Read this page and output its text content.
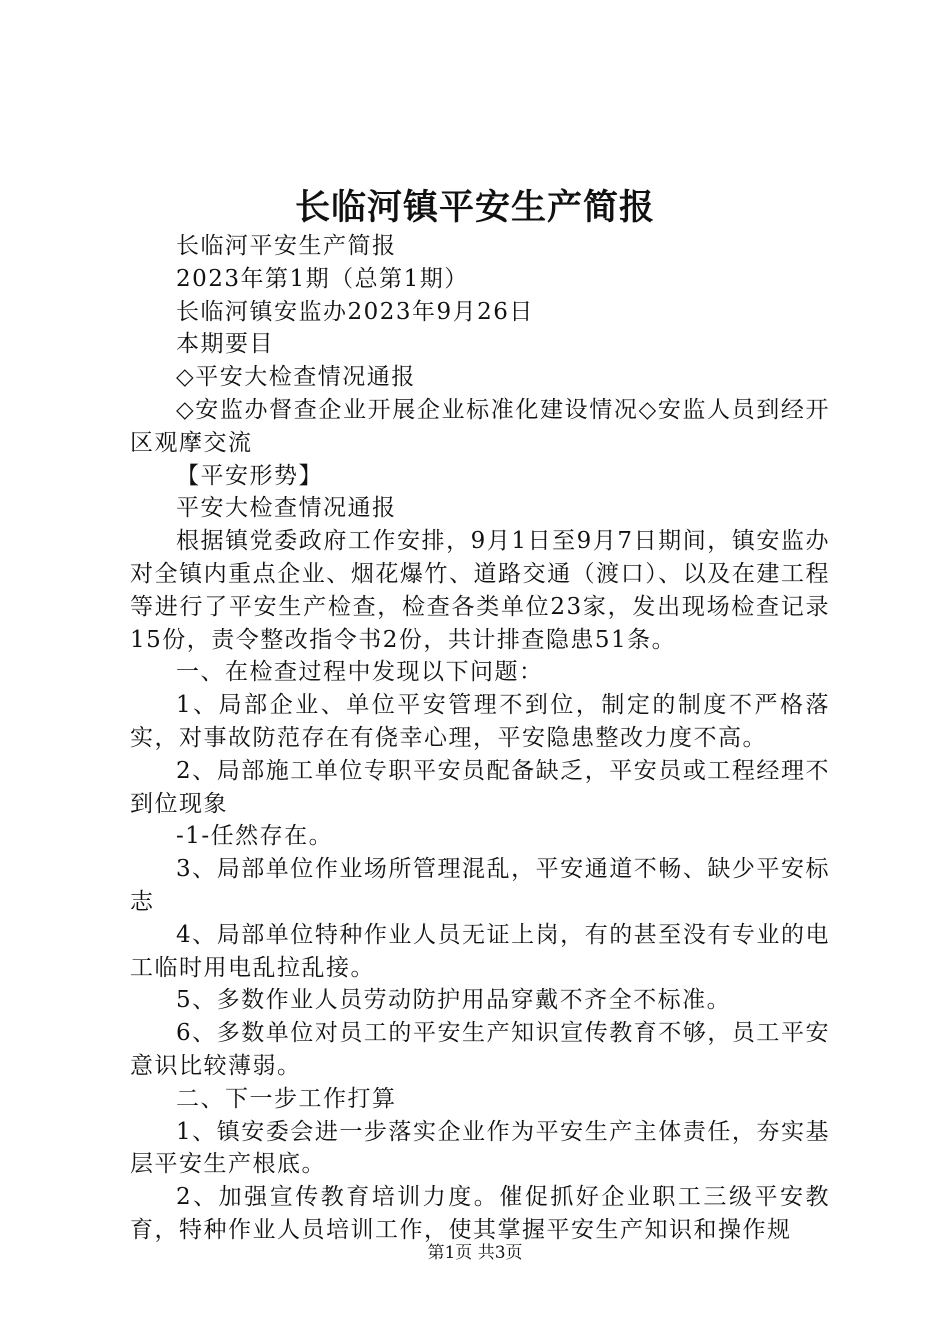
长临河镇平安生产简报

长临河平安生产简报

2023年第1期（总第1期）

长临河镇安监办2023年9月26日

本期要目

◇平安大检查情况通报

◇安监办督查企业开展企业标准化建设情况◇安监人员到经开区观摩交流

【平安形势】

平安大检查情况通报

根据镇党委政府工作安排，9月1日至9月7日期间，镇安监办对全镇内重点企业、烟花爆竹、道路交通（渡口）、以及在建工程等进行了平安生产检查，检查各类单位23家，发出现场检查记录15份，责令整改指令书2份，共计排查隐患51条。

一、在检查过程中发现以下问题：

1、局部企业、单位平安管理不到位，制定的制度不严格落实，对事故防范存在有侥幸心理，平安隐患整改力度不高。

2、局部施工单位专职平安员配备缺乏，平安员或工程经理不到位现象

-1-任然存在。

3、局部单位作业场所管理混乱，平安通道不畅、缺少平安标志

4、局部单位特种作业人员无证上岗，有的甚至没有专业的电工临时用电乱拉乱接。

5、多数作业人员劳动防护用品穿戴不齐全不标准。

6、多数单位对员工的平安生产知识宣传教育不够，员工平安意识比较薄弱。

二、下一步工作打算

1、镇安委会进一步落实企业作为平安生产主体责任，夯实基层平安生产根底。

2、加强宣传教育培训力度。催促抓好企业职工三级平安教育，特种作业人员培训工作，使其掌握平安生产知识和操作规

第1页 共3页
